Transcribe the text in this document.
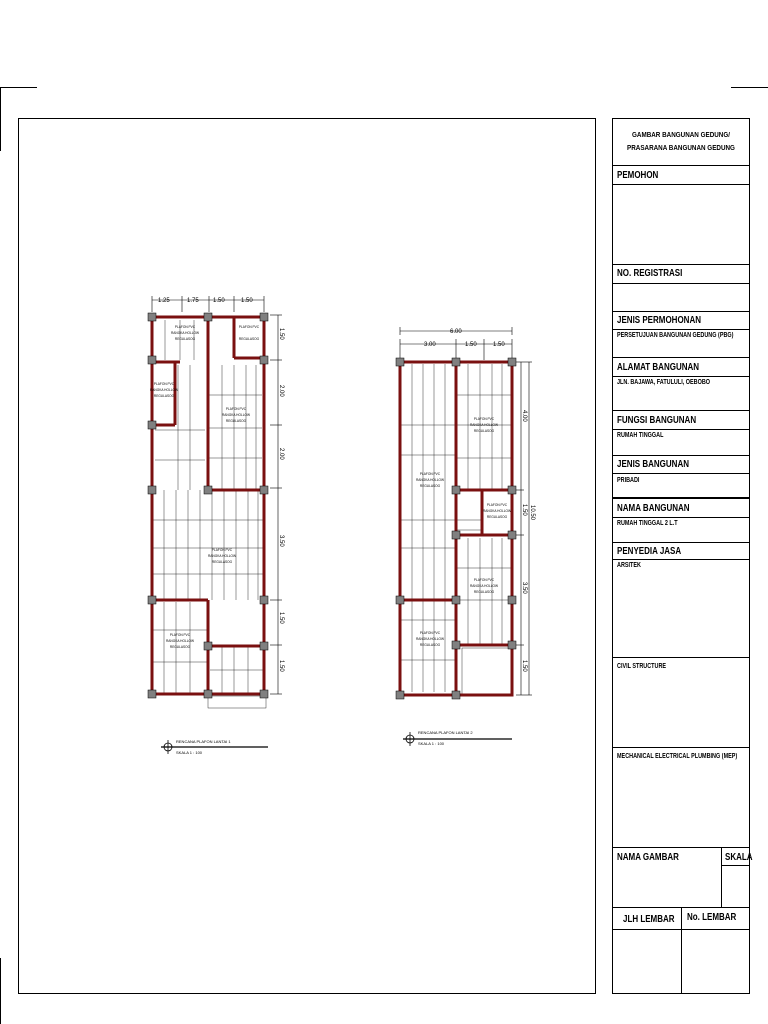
1.25	1.75 1.50	1.50
1.50
2.00
2.00
3.50
1.50
1.50
PLAFON PVC
RANGKA HOLLOW
REGULASOG
PLAFON PVC
REGULASOG
PLAFON PVC
RANGKA HOLLOW
REGULASOG
PLAFON PVC
RANGKA HOLLOW
REGULASOG
PLAFON PVC
RANGKA HOLLOW
REGULASOG
PLAFON PVC
RANGKA HOLLOW
REGULASOG
RENCANA PLAFON LANTAI 1
SKALA 1 : 100
6.00
3.00	1.50	1.50
4.00
1.50
3.50
1.50
10.50
PLAFON PVC
RANGKA HOLLOW
REGULASOG
PLAFON PVC
RANGKA HOLLOW
REGULASOG
PLAFON PVC
RANGKA HOLLOW
REGULASOG
PLAFON PVC
RANGKA HOLLOW
REGULASOG
PLAFON PVC
RANGKA HOLLOW
REGULASOG
RENCANA PLAFON LANTAI 2
SKALA 1 : 100
GAMBAR BANGUNAN GEDUNG/
PRASARANA BANGUNAN GEDUNG
PEMOHON
NO. REGISTRASI
JENIS PERMOHONAN
PERSETUJUAN BANGUNAN GEDUNG (PBG)
ALAMAT BANGUNAN
JLN. BAJAWA, FATULULI, OEBOBO
FUNGSI BANGUNAN
RUMAH TINGGAL
JENIS BANGUNAN
PRIBADI
NAMA BANGUNAN
RUMAH TINGGAL 2 L.T
PENYEDIA JASA
ARSITEK
CIVIL STRUCTURE
MECHANICAL ELECTRICAL PLUMBING (MEP)
NAMA GAMBAR	SKALA
JLH LEMBAR No. LEMBAR
